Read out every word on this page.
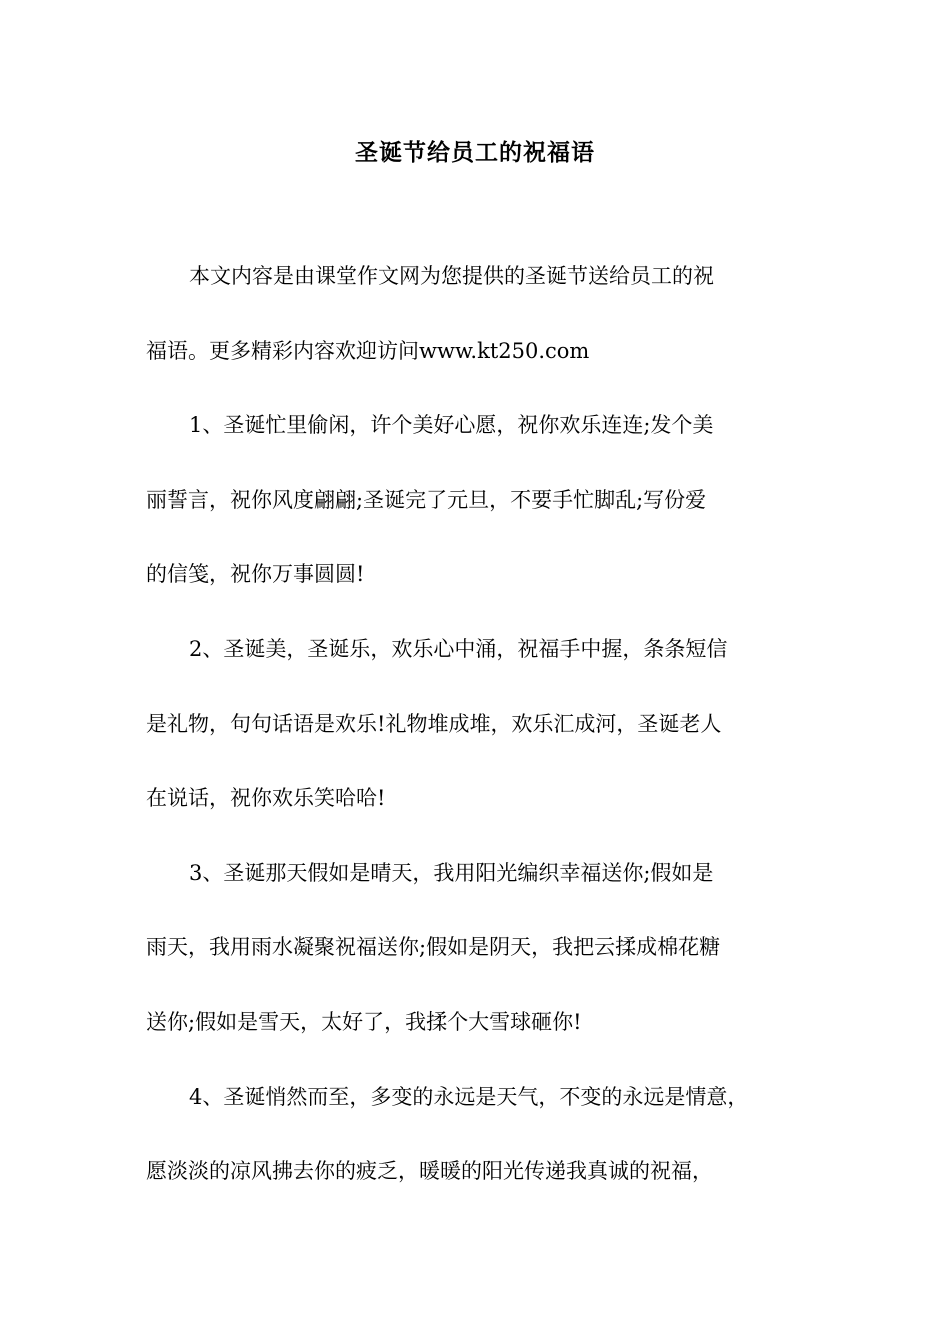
圣诞节给员工的祝福语
本文内容是由课堂作文网为您提供的圣诞节送给员工的祝
福语。更多精彩内容欢迎访问www.kt250.com
1、圣诞忙里偷闲，许个美好心愿，祝你欢乐连连;发个美
丽誓言，祝你风度翩翩;圣诞完了元旦，不要手忙脚乱;写份爱
的信笺，祝你万事圆圆!
2、圣诞美，圣诞乐，欢乐心中涌，祝福手中握，条条短信
是礼物，句句话语是欢乐!礼物堆成堆，欢乐汇成河，圣诞老人
在说话，祝你欢乐笑哈哈!
3、圣诞那天假如是晴天，我用阳光编织幸福送你;假如是
雨天，我用雨水凝聚祝福送你;假如是阴天，我把云揉成棉花糖
送你;假如是雪天，太好了，我揉个大雪球砸你!
4、圣诞悄然而至，多变的永远是天气，不变的永远是情意，
愿淡淡的凉风拂去你的疲乏，暖暖的阳光传递我真诚的祝福，
